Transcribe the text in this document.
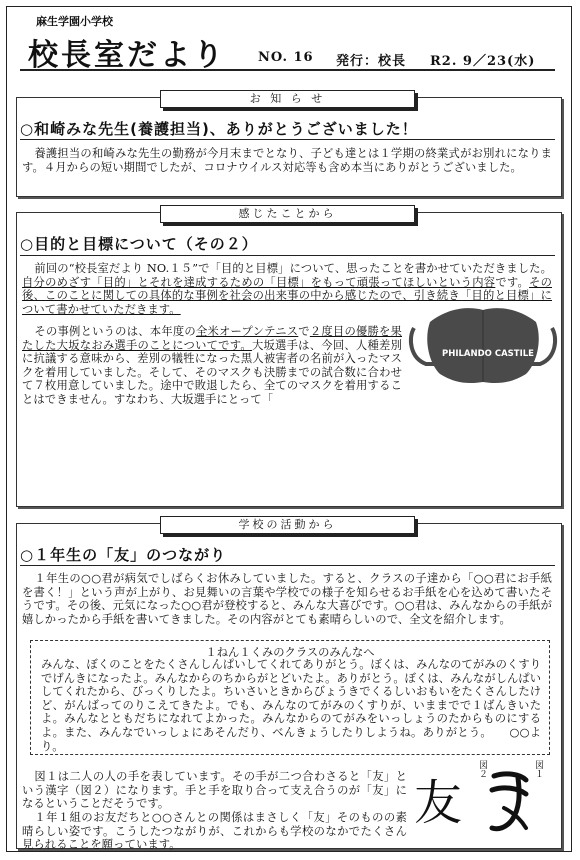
麻生学園小学校
校長室だより NO. 16 発行：校長 R2. 9／23(水)
お 知 ら せ
○和崎みな先生(養護担当)、ありがとうございました！
養護担当の和崎みな先生の勤務が今月末までとなり、子ども達とは１学期の終業式がお別れになります。４月からの短い期間でしたが、コロナウイルス対応等も含め本当にありがとうございました。
感じたことから
○目的と目標について（その２）
前回の“校長室だより NO.１５”で「目的と目標」について、思ったことを書かせていただきました。自分のめざす「目的」とそれを達成するための「目標」をもって頑張ってほしいという内容です。その後、このことに関しての具体的な事例を社会の出来事の中から感じたので、引き続き「目的と目標」について書かせていただきます。
その事例というのは、本年度の全米オープンテニスで２度目の優勝を果たした大坂なおみ選手のことについてです。大坂選手は、今回、人種差別に抗議する意味から、差別の犠牲になった黒人被害者の名前が入ったマスクを着用していました。そして、そのマスクも決勝までの試合数に合わせて７枚用意していました。途中で敗退したら、全てのマスクを着用することはできません。すなわち、大坂選手にとって「
PHILANDO CASTILE
学校の活動から
○１年生の「友」のつながり
１年生の○○君が病気でしばらくお休みしていました。すると、クラスの子達から「○○君にお手紙を書く！」という声が上がり、お見舞いの言葉や学校での様子を知らせるお手紙を心を込めて書いたそうです。その後、元気になった○○君が登校すると、みんな大喜びです。○○君は、みんなからの手紙が嬉しかったから手紙を書いてきました。その内容がとても素晴らしいので、全文を紹介します。
１ねん１くみのクラスのみんなへ
みんな、ぼくのことをたくさんしんぱいしてくれてありがとう。ぼくは、みんなのてがみのくすりでげんきになったよ。みんなからのちからがとどいたよ。ありがとう。ぼくは、みんながしんぱいしてくれたから、びっくりしたよ。ちいさいときからびょうきでくるしいおもいをたくさんしたけど、がんばってのりこえてきたよ。でも、みんなのてがみのくすりが、いままでで１ばんきいたよ。みんなとともだちになれてよかった。みんなからのてがみをいっしょうのたからものにするよ。また、みんなでいっしょにあそんだり、べんきょうしたりしようね。ありがとう。　　 ○○より。
図１は二人の人の手を表しています。その手が二つ合わさると「友」という漢字（図２）になります。手と手を取り合って支え合うのが「友」になるということだそうです。
１年１組のお友だちと○○さんとの関係はまさしく「友」そのものの素晴らしい姿です。こうしたつながりが、これからも学校のなかでたくさん見られることを願っています。
友
図２	図１
